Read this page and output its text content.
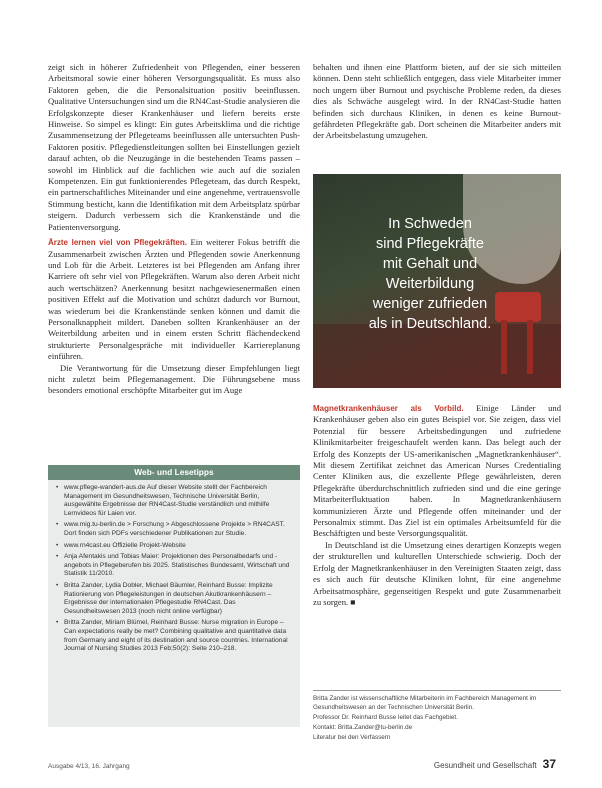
zeigt sich in höherer Zufriedenheit von Pflegenden, einer besseren Arbeitsmoral sowie einer höheren Versorgungsqualität. Es muss also Faktoren geben, die die Personalsituation positiv beeinflussen. Qualitative Untersuchungen sind um die RN4Cast-Studie analysieren die Erfolgskonzepte dieser Krankenhäuser und liefern bereits erste Hinweise. So simpel es klingt: Ein gutes Arbeitsklima und die richtige Zusammensetzung der Pflegeteams beeinflussen alle untersuchten Push-Faktoren positiv. Pflegedienstleitungen sollten bei Einstellungen gezielt darauf achten, ob die Neuzugänge in die bestehenden Teams passen – sowohl im Hinblick auf die fachlichen wie auch auf die sozialen Kompetenzen. Ein gut funktionierendes Pflegeteam, das durch Respekt, ein partnerschaftliches Miteinander und eine angenehme, vertrauensvolle Stimmung besticht, kann die Identifikation mit dem Arbeitsplatz spürbar steigern. Dadurch verbessern sich die Krankenstände und die Patientenversorgung.

Ärzte lernen viel von Pflegekräften. Ein weiterer Fokus betrifft die Zusammenarbeit zwischen Ärzten und Pflegenden sowie Anerkennung und Lob für die Arbeit. Letzteres ist bei Pflegenden am Anfang ihrer Karriere oft sehr viel von Pflegekräften. Warum also deren Arbeit nicht auch wertschätzen? Anerkennung besitzt nachgewiesenermaßen einen positiven Effekt auf die Motivation und schützt dadurch vor Burnout, was wiederum bei die Krankenstände senken können und damit die Personalknappheit mildert. Daneben sollten Krankenhäuser an der Weiterbildung arbeiten und in einem ersten Schritt flächendeckend strukturierte Personalgespräche mit individueller Karriereplanung einführen.

Die Verantwortung für die Umsetzung dieser Empfehlungen liegt nicht zuletzt beim Pflegemanagement. Die Führungsebene muss besonders emotional erschöpfte Mitarbeiter gut im Auge

behalten und ihnen eine Plattform bieten, auf der sie sich mitteilen können. Denn steht schließlich entgegen, dass viele Mitarbeiter immer noch ungern über Burnout und psychische Probleme reden, da dieses dies als Schwäche ausgelegt wird. In der RN4Cast-Studie hatten befinden sich durchaus Kliniken, in denen es keine Burnout-gefährdeten Pflegekräfte gab. Dort scheinen die Mitarbeiter anders mit der Arbeitsbelastung umzugehen.

In Schweden
sind Pflegekräfte
mit Gehalt und
Weiterbildung
weniger zufrieden
als in Deutschland.

Magnetkrankenhäuser als Vorbild. Einige Länder und Krankenhäuser geben also ein gutes Beispiel vor. Sie zeigen, dass viel Potenzial für bessere Arbeitsbedingungen und zufriedene Klinikmitarbeiter freigeschaufelt werden kann. Das belegt auch der Erfolg des Konzepts der US-amerikanischen „Magnetkrankenhäuser“. Mit diesem Zertifikat zeichnet das American Nurses Credentialing Center Kliniken aus, die exzellente Pflege gewährleisten, deren Pflegekräfte überdurchschnittlich zufrieden sind und die eine geringe Mitarbeiterfluktuation haben. In Magnetkrankenhäusern kommunizieren Ärzte und Pflegende offen miteinander und der Personalmix stimmt. Das Ziel ist ein optimales Arbeitsumfeld für die Beschäftigten und beste Versorgungsqualität.

In Deutschland ist die Umsetzung eines derartigen Konzepts wegen der strukturellen und kulturellen Unterschiede schwierig. Doch der Erfolg der Magnetkrankenhäuser in den Vereinigten Staaten zeigt, dass es sich auch für deutsche Kliniken lohnt, für eine angenehme Arbeitsatmosphäre, gegenseitigen Respekt und gute Zusammenarbeit zu sorgen. ■

Web- und Lesetipps
• www.pflege-wandert-aus.de Auf dieser Website stellt der Fachbereich Management im Gesundheitswesen, Technische Universität Berlin, ausgewählte Ergebnisse der RN4Cast-Studie verständlich und mithilfe Lernvideos für Laien vor.
• www.mig.tu-berlin.de > Forschung > Abgeschlossene Projekte > RN4CAST. Dort finden sich PDFs verschiedener Publikationen zur Studie.
• www.rn4cast.eu Offizielle Projekt-Website
• Anja Afentakis und Tobias Maier: Projektionen des Personalbedarfs und -angebots in Pflegeberufen bis 2025. Statistisches Bundesamt, Wirtschaft und Statistik 11/2010.
• Britta Zander, Lydia Dobler, Michael Bäumler, Reinhard Busse: Implizite Rationierung von Pflegeleistungen in deutschen Akutkrankenhäusern – Ergebnisse der internationalen Pflegestudie RN4Cast. Das Gesundheitswesen 2013 (noch nicht online verfügbar)
• Britta Zander, Miriam Blümel, Reinhard Busse: Nurse migration in Europe – Can expectations really be met? Combining qualitative and quantitative data from Germany and eight of its destination and source countries. International Journal of Nursing Studies 2013 Feb;50(2): Seite 210–218.

Britta Zander ist wissenschaftliche Mitarbeiterin im Fachbereich Management im Gesundheitswesen an der Technischen Universität Berlin.

Professor Dr. Reinhard Busse leitet das Fachgebiet.

Kontakt: Britta.Zander@tu-berlin.de

Literatur bei den Verfassern

Ausgabe 4/13, 16. Jahrgang	Gesundheit und Gesellschaft 37
